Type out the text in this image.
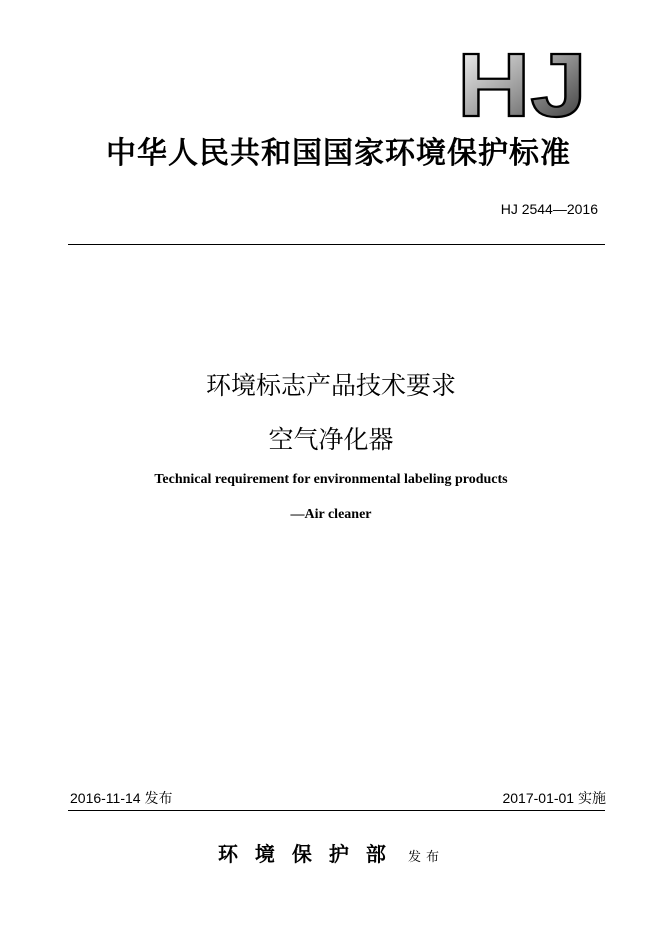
HJ
中华人民共和国国家环境保护标准
HJ 2544—2016
环境标志产品技术要求
空气净化器
Technical requirement for environmental labeling products
—Air cleaner
2016-11-14 发布	2017-01-01 实施
环境保护部 发布
